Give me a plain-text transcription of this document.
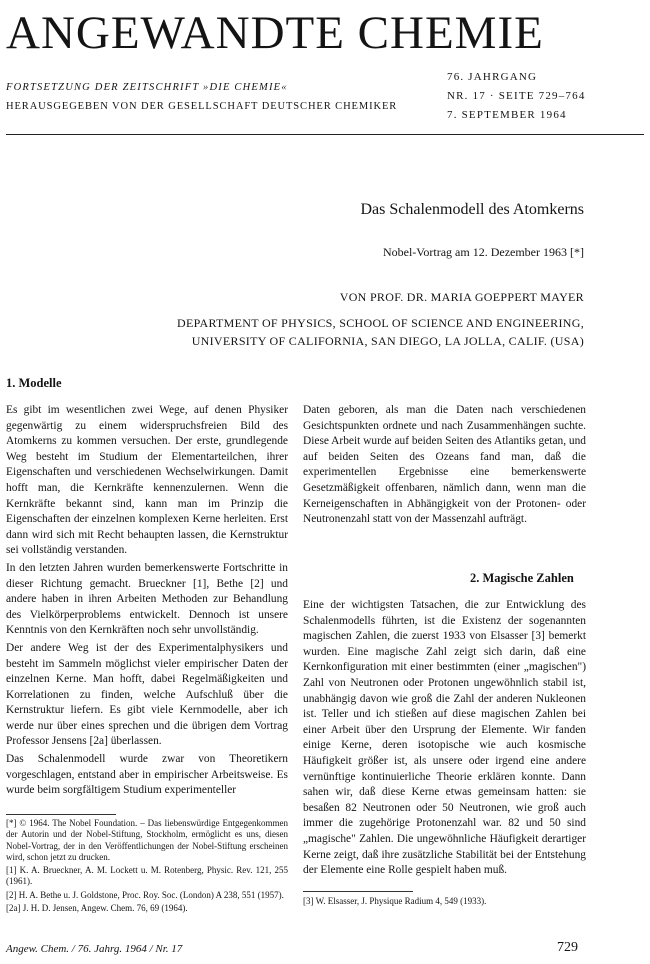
ANGEWANDTE CHEMIE
FORTSETZUNG DER ZEITSCHRIFT »DIE CHEMIE«
HERAUSGEGEBEN VON DER GESELLSCHAFT DEUTSCHER CHEMIKER
76. JAHRGANG
NR. 17 · SEITE 729–764
7. SEPTEMBER 1964
Das Schalenmodell des Atomkerns
Nobel-Vortrag am 12. Dezember 1963 [*]
VON PROF. DR. MARIA GOEPPERT MAYER
DEPARTMENT OF PHYSICS, SCHOOL OF SCIENCE AND ENGINEERING,
UNIVERSITY OF CALIFORNIA, SAN DIEGO, LA JOLLA, CALIF. (USA)
1. Modelle

Es gibt im wesentlichen zwei Wege, auf denen Physiker gegenwärtig zu einem widerspruchsfreien Bild des Atomkerns zu kommen versuchen. Der erste, grundlegende Weg besteht im Studium der Elementarteilchen, ihrer Eigenschaften und verschiedenen Wechselwirkungen. Damit hofft man, die Kernkräfte kennenzulernen. Wenn die Kernkräfte bekannt sind, kann man im Prinzip die Eigenschaften der einzelnen komplexen Kerne herleiten. Erst dann wird sich mit Recht behaupten lassen, die Kernstruktur sei vollständig verstanden.

In den letzten Jahren wurden bemerkenswerte Fortschritte in dieser Richtung gemacht. Brueckner [1], Bethe [2] und andere haben in ihren Arbeiten Methoden zur Behandlung des Vielkörperproblems entwickelt. Dennoch ist unsere Kenntnis von den Kernkräften noch sehr unvollständig.

Der andere Weg ist der des Experimentalphysikers und besteht im Sammeln möglichst vieler empirischer Daten der einzelnen Kerne. Man hofft, dabei Regelmäßigkeiten und Korrelationen zu finden, welche Aufschluß über die Kernstruktur liefern. Es gibt viele Kernmodelle, aber ich werde nur über eines sprechen und die übrigen dem Vortrag Professor Jensens [2a] überlassen.

Das Schalenmodell wurde zwar von Theoretikern vorgeschlagen, entstand aber in empirischer Arbeitsweise. Es wurde beim sorgfältigem Studium experimenteller

Daten geboren, als man die Daten nach verschiedenen Gesichtspunkten ordnete und nach Zusammenhängen suchte. Diese Arbeit wurde auf beiden Seiten des Atlantiks getan, und auf beiden Seiten des Ozeans fand man, daß die experimentellen Ergebnisse eine bemerkenswerte Gesetzmäßigkeit offenbaren, nämlich dann, wenn man die Kerneigenschaften in Abhängigkeit von der Protonen- oder Neutronenzahl statt von der Massenzahl aufträgt.

2. Magische Zahlen

Eine der wichtigsten Tatsachen, die zur Entwicklung des Schalenmodells führten, ist die Existenz der sogenannten magischen Zahlen, die zuerst 1933 von Elsasser [3] bemerkt wurden. Eine magische Zahl zeigt sich darin, daß eine Kernkonfiguration mit einer bestimmten (einer „magischen") Zahl von Neutronen oder Protonen ungewöhnlich stabil ist, unabhängig davon wie groß die Zahl der anderen Nukleonen ist. Teller und ich stießen auf diese magischen Zahlen bei einer Arbeit über den Ursprung der Elemente. Wir fanden einige Kerne, deren isotopische wie auch kosmische Häufigkeit größer ist, als unsere oder irgend eine andere vernünftige kontinuierliche Theorie erklären konnte. Dann sahen wir, daß diese Kerne etwas gemeinsam hatten: sie besaßen 82 Neutronen oder 50 Neutronen, wie groß auch immer die zugehörige Protonenzahl war. 82 und 50 sind „magische" Zahlen. Die ungewöhnliche Häufigkeit derartiger Kerne zeigt, daß ihre zusätzliche Stabilität bei der Entstehung der Elemente eine Rolle gespielt haben muß.

[*] © 1964. The Nobel Foundation. – Das liebenswürdige Entgegenkommen der Autorin und der Nobel-Stiftung, Stockholm, ermöglicht es uns, diesen Nobel-Vortrag, der in den Veröffentlichungen der Nobel-Stiftung erscheinen wird, schon jetzt zu drucken.

[1] K. A. Brueckner, A. M. Lockett u. M. Rotenberg, Physic. Rev. 121, 255 (1961).

[2] H. A. Bethe u. J. Goldstone, Proc. Roy. Soc. (London) A 238, 551 (1957).

[2a] J. H. D. Jensen, Angew. Chem. 76, 69 (1964).

[3] W. Elsasser, J. Physique Radium 4, 549 (1933).

Angew. Chem. / 76. Jahrg. 1964 / Nr. 17	729
